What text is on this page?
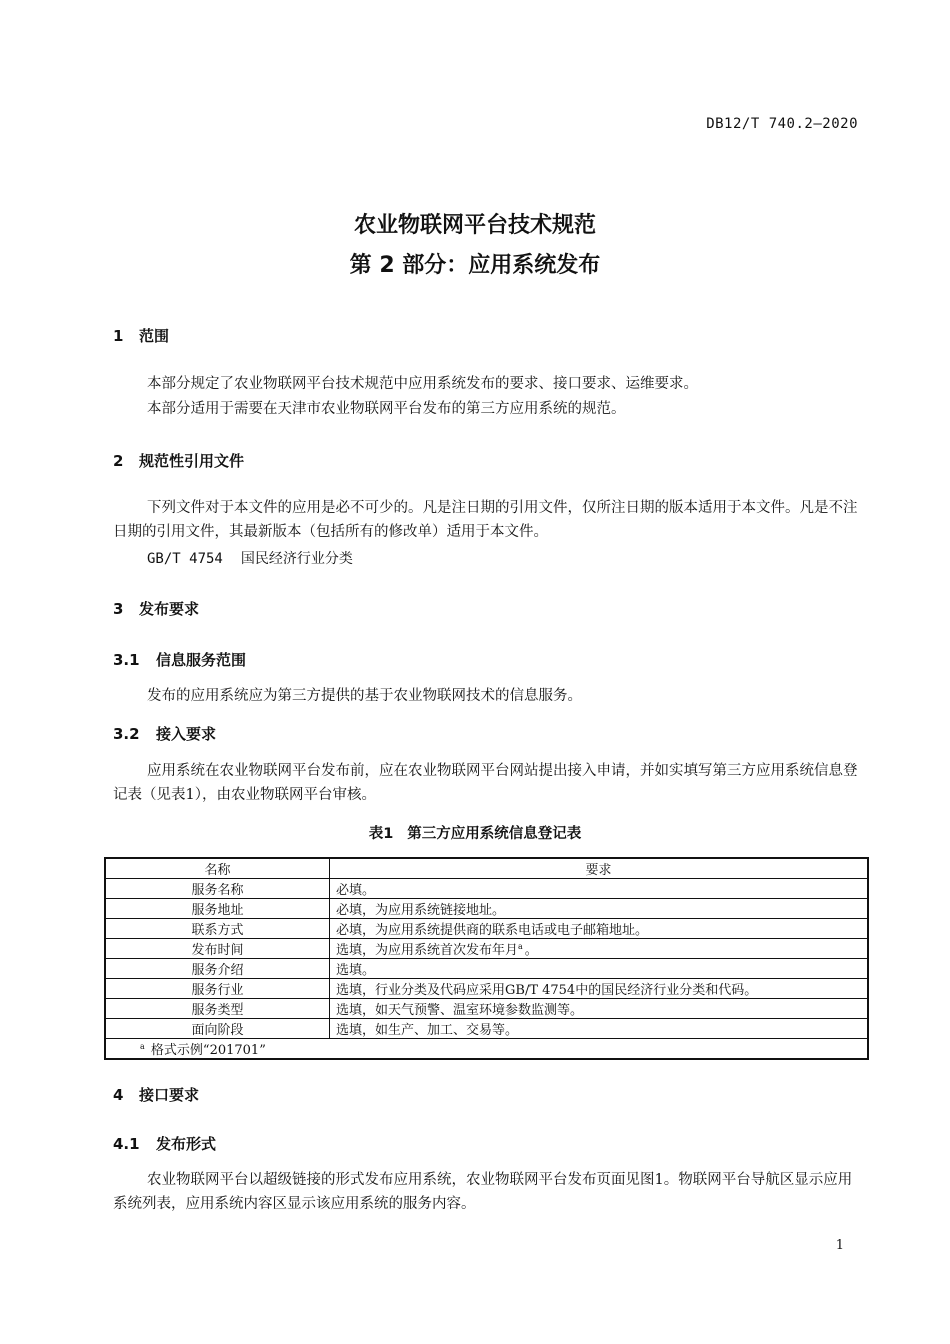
DB12/T 740.2—2020
农业物联网平台技术规范
第 2 部分：应用系统发布
1 范围
本部分规定了农业物联网平台技术规范中应用系统发布的要求、接口要求、运维要求。
本部分适用于需要在天津市农业物联网平台发布的第三方应用系统的规范。
2 规范性引用文件
下列文件对于本文件的应用是必不可少的。凡是注日期的引用文件，仅所注日期的版本适用于本文件。凡是不注日期的引用文件，其最新版本（包括所有的修改单）适用于本文件。
GB/T 4754 国民经济行业分类
3 发布要求
3.1 信息服务范围
发布的应用系统应为第三方提供的基于农业物联网技术的信息服务。
3.2 接入要求
应用系统在农业物联网平台发布前，应在农业物联网平台网站提出接入申请，并如实填写第三方应用系统信息登记表（见表1），由农业物联网平台审核。
表1 第三方应用系统信息登记表
名称	要求
服务名称	必填。
服务地址	必填，为应用系统链接地址。
联系方式	必填，为应用系统提供商的联系电话或电子邮箱地址。
发布时间	选填，为应用系统首次发布年月$^a$ 。
服务介绍	选填。
服务行业	选填，行业分类及代码应采用GB/T 4754中的国民经济行业分类和代码。
服务类型	选填，如天气预警、温室环境参数监测等。
面向阶段	选填，如生产、加工、交易等。
$^a$ 格式示例“201701”	
4 接口要求
4.1 发布形式
农业物联网平台以超级链接的形式发布应用系统，农业物联网平台发布页面见图1。物联网平台导航区显示应用系统列表，应用系统内容区显示该应用系统的服务内容。
1
